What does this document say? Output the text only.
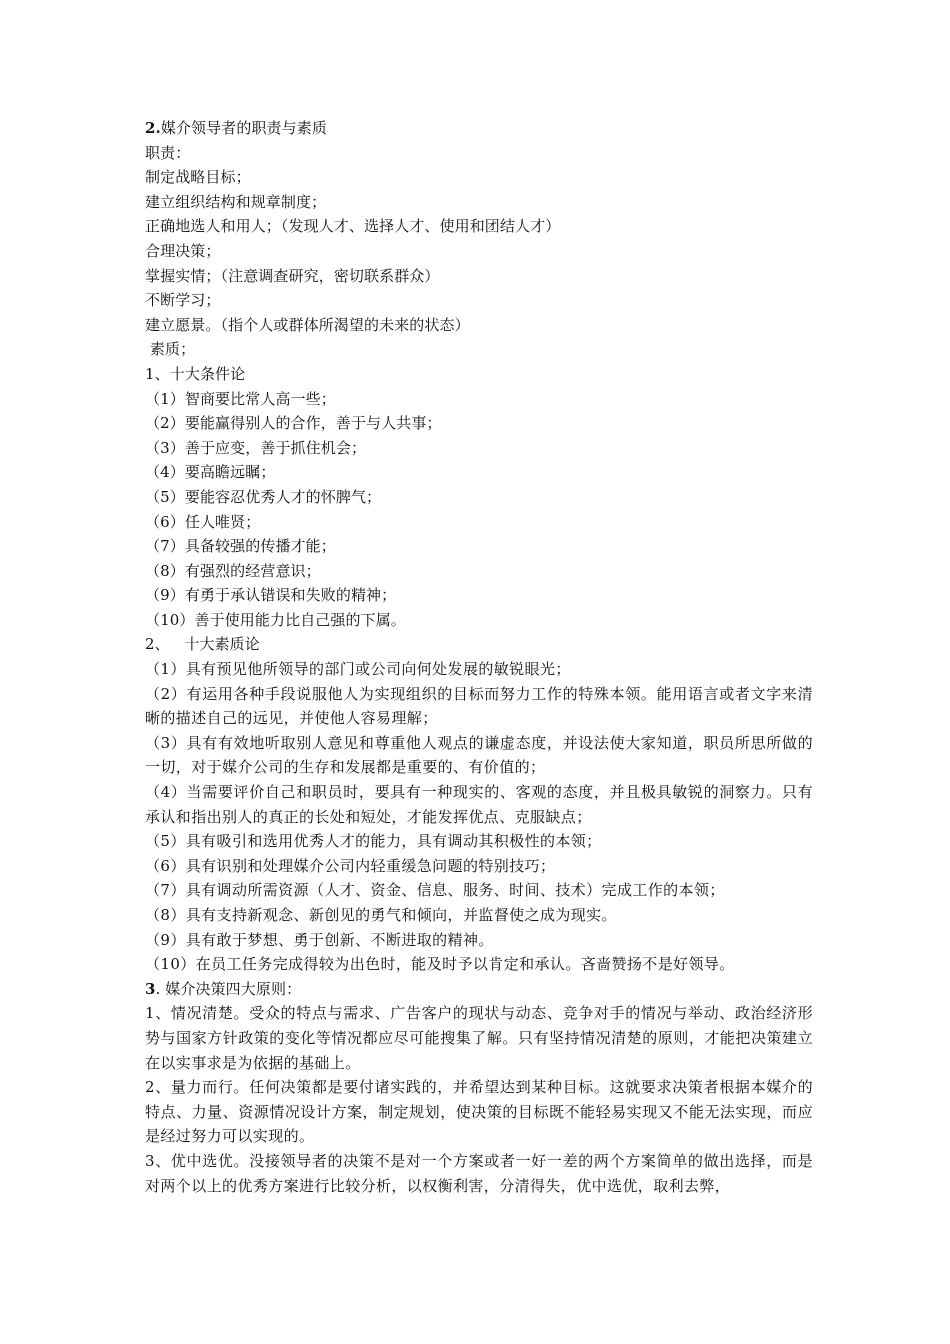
2.媒介领导者的职责与素质
职责：
制定战略目标；
建立组织结构和规章制度；
正确地选人和用人；（发现人才、选择人才、使用和团结人才）
合理决策；
掌握实情；（注意调查研究，密切联系群众）
不断学习；
建立愿景。（指个人或群体所渴望的未来的状态）
素质；
1、十大条件论
（1）智商要比常人高一些；
（2）要能赢得别人的合作，善于与人共事；
（3）善于应变，善于抓住机会；
（4）要高瞻远瞩；
（5）要能容忍优秀人才的怀脾气；
（6）任人唯贤；
（7）具备较强的传播才能；
（8）有强烈的经营意识；
（9）有勇于承认错误和失败的精神；
（10）善于使用能力比自己强的下属。
2、   十大素质论
（1）具有预见他所领导的部门或公司向何处发展的敏锐眼光；
（2）有运用各种手段说服他人为实现组织的目标而努力工作的特殊本领。能用语言或者文字来清晰的描述自己的远见，并使他人容易理解；
（3）具有有效地听取别人意见和尊重他人观点的谦虚态度，并设法使大家知道，职员所思所做的一切，对于媒介公司的生存和发展都是重要的、有价值的；
（4）当需要评价自己和职员时，要具有一种现实的、客观的态度，并且极具敏锐的洞察力。只有承认和指出别人的真正的长处和短处，才能发挥优点、克服缺点；
（5）具有吸引和选用优秀人才的能力，具有调动其积极性的本领；
（6）具有识别和处理媒介公司内轻重缓急问题的特别技巧；
（7）具有调动所需资源（人才、资金、信息、服务、时间、技术）完成工作的本领；
（8）具有支持新观念、新创见的勇气和倾向，并监督使之成为现实。
（9）具有敢于梦想、勇于创新、不断进取的精神。
（10）在员工任务完成得较为出色时，能及时予以肯定和承认。吝啬赞扬不是好领导。
3. 媒介决策四大原则：
1、情况清楚。受众的特点与需求、广告客户的现状与动态、竞争对手的情况与举动、政治经济形势与国家方针政策的变化等情况都应尽可能搜集了解。只有坚持情况清楚的原则，才能把决策建立在以实事求是为依据的基础上。
2、量力而行。任何决策都是要付诸实践的，并希望达到某种目标。这就要求决策者根据本媒介的特点、力量、资源情况设计方案，制定规划，使决策的目标既不能轻易实现又不能无法实现，而应是经过努力可以实现的。
3、优中选优。没接领导者的决策不是对一个方案或者一好一差的两个方案简单的做出选择，而是对两个以上的优秀方案进行比较分析，以权衡利害，分清得失，优中选优，取利去弊，
